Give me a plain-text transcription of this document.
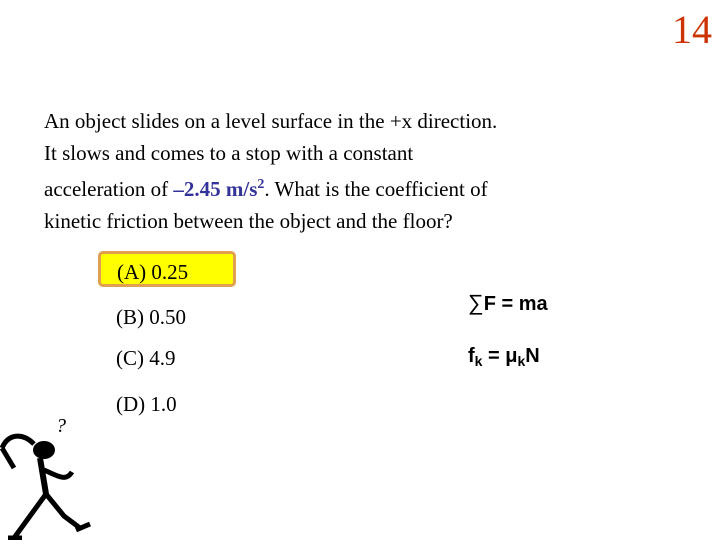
14
An object slides on a level surface in the +x direction.
It slows and comes to a stop with a constant
acceleration of –2.45 $m/s^2$. What is the coefficient of
kinetic friction between the object and the floor?
(A) 0.25
(B) 0.50
(C) 4.9
(D) 1.0
∑F = ma
$f_k = \mu_kN$
?
